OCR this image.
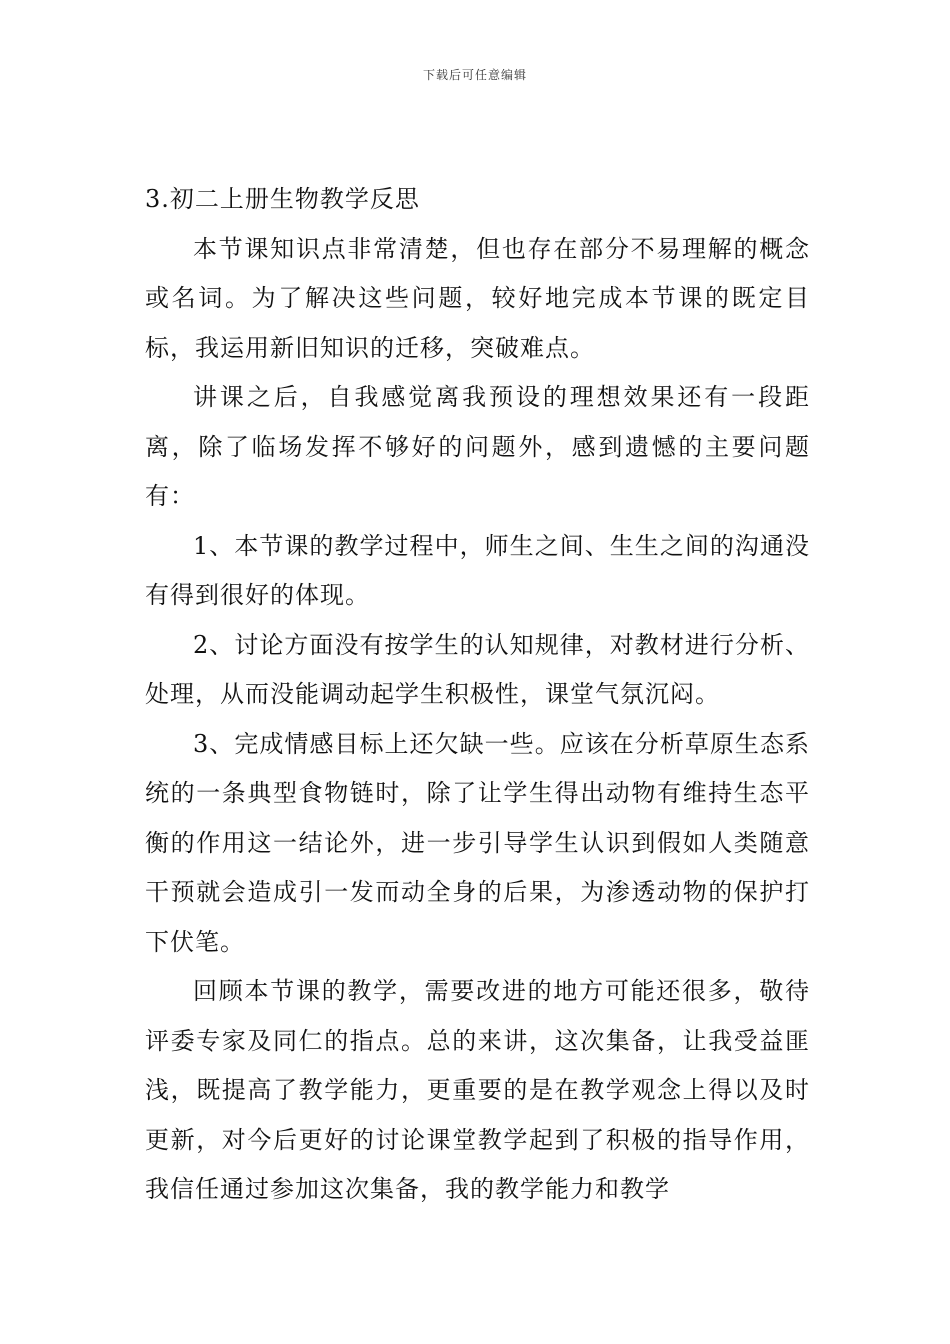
下载后可任意编辑
3.初二上册生物教学反思

本节课知识点非常清楚，但也存在部分不易理解的概念或名词。为了解决这些问题，较好地完成本节课的既定目标，我运用新旧知识的迁移，突破难点。

讲课之后，自我感觉离我预设的理想效果还有一段距离，除了临场发挥不够好的问题外，感到遗憾的主要问题有：

1、本节课的教学过程中，师生之间、生生之间的沟通没有得到很好的体现。

2、讨论方面没有按学生的认知规律，对教材进行分析、处理，从而没能调动起学生积极性，课堂气氛沉闷。

3、完成情感目标上还欠缺一些。应该在分析草原生态系统的一条典型食物链时，除了让学生得出动物有维持生态平衡的作用这一结论外，进一步引导学生认识到假如人类随意干预就会造成引一发而动全身的后果，为渗透动物的保护打下伏笔。

回顾本节课的教学，需要改进的地方可能还很多，敬待评委专家及同仁的指点。总的来讲，这次集备，让我受益匪浅，既提高了教学能力，更重要的是在教学观念上得以及时更新，对今后更好的讨论课堂教学起到了积极的指导作用，我信任通过参加这次集备，我的教学能力和教学
